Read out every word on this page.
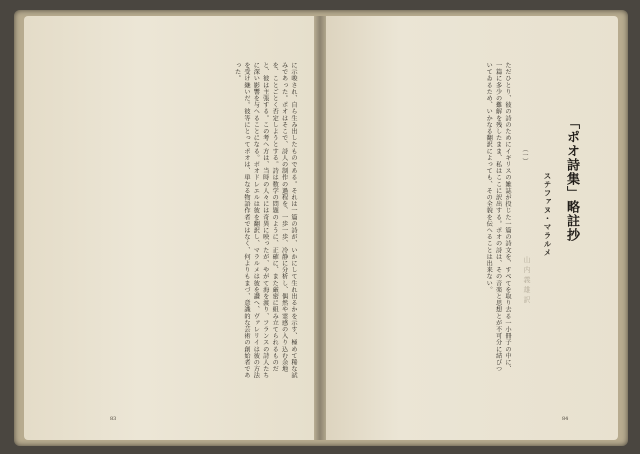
に示唆され、自ら生み出したものである。それは一篇の詩が、いかにして生れ出るかを示す、極めて稀な試みであった。ポオはそこで、詩人の制作の過程を、一歩一歩、冷静に分析し、偶然や霊感の入り込む余地を、ことごとく否定しようとする。詩は数学の問題のように、正確に、また厳密に組み立てられるものだと、彼は主張する。この考へ方は、当時の人々には奇異に映ったが、やがて海を渡り、フランスの詩人たちに深い影響を与へることになる。ボオドレエルは彼を翻訳し、マラルメは彼を讃へ、ヴァレリイは彼の方法を受け継いだ。彼等にとってポオは、単なる物語作者ではなく、何よりもまづ、意識的な芸術の創始者であった。
83
「ポオ詩集」略註抄
ステファヌ・マラルメ
（一）
山内義雄訳
ただひとり、彼の詩のためにイギリスの雑誌が投じた一篇の詩文を、すべてを取り去る一小冊子の中に、一篇に多少の難解を残したまま、私はここに訳出する。ポオの詩は、その音楽と思想とが不可分に結びついてゐるため、いかなる翻訳によっても、その全貌を伝へることは出来ない。
84
